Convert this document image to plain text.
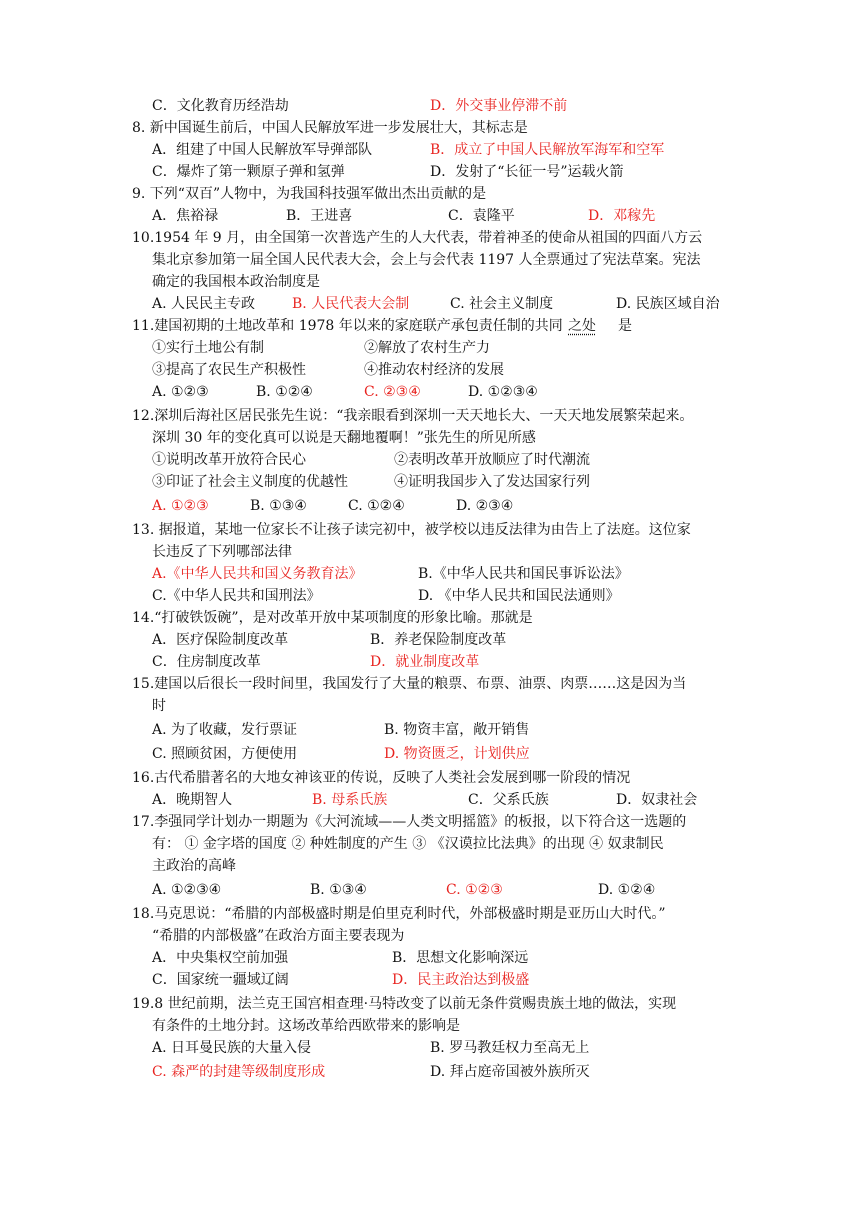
C．文化教育历经浩劫	D．外交事业停滞不前
8. 新中国诞生前后，中国人民解放军进一步发展壮大，其标志是
A．组建了中国人民解放军导弹部队	B．成立了中国人民解放军海军和空军
C．爆炸了第一颗原子弹和氢弹	D．发射了“长征一号”运载火箭
9. 下列“双百”人物中，为我国科技强军做出杰出贡献的是
A．焦裕禄	B．王进喜	C．袁隆平	D．邓稼先
10.1954 年 9 月，由全国第一次普选产生的人大代表，带着神圣的使命从祖国的四面八方云
集北京参加第一届全国人民代表大会，会上与会代表 1197 人全票通过了宪法草案。宪法
确定的我国根本政治制度是
A. 人民民主专政	B. 人民代表大会制	C. 社会主义制度	D. 民族区域自治
11.建国初期的土地改革和 1978 年以来的家庭联产承包责任制的共同 之处 是
①实行土地公有制	②解放了农村生产力
③提高了农民生产积极性	④推动农村经济的发展
A. ①②③	B. ①②④	C. ②③④	D. ①②③④
12.深圳后海社区居民张先生说：“我亲眼看到深圳一天天地长大、一天天地发展繁荣起来。
深圳 30 年的变化真可以说是天翻地覆啊！”张先生的所见所感
①说明改革开放符合民心	②表明改革开放顺应了时代潮流
③印证了社会主义制度的优越性	④证明我国步入了发达国家行列
A. ①②③	B. ①③④	C. ①②④	D. ②③④
13. 据报道，某地一位家长不让孩子读完初中，被学校以违反法律为由告上了法庭。这位家
长违反了下列哪部法律
A.《中华人民共和国义务教育法》	B.《中华人民共和国民事诉讼法》
C.《中华人民共和国刑法》	D. 《中华人民共和国民法通则》
14.“打破铁饭碗”，是对改革开放中某项制度的形象比喻。那就是
A．医疗保险制度改革	B．养老保险制度改革
C．住房制度改革	D．就业制度改革
15.建国以后很长一段时间里，我国发行了大量的粮票、布票、油票、肉票……这是因为当
时
A. 为了收藏，发行票证	B. 物资丰富，敞开销售
C. 照顾贫困，方便使用	D. 物资匮乏，计划供应
16.古代希腊著名的大地女神该亚的传说，反映了人类社会发展到哪一阶段的情况
A．晚期智人	B. 母系氏族	C．父系氏族	D．奴隶社会
17.李强同学计划办一期题为《大河流域——人类文明摇篮》的板报，以下符合这一选题的
有： ① 金字塔的国度 ② 种姓制度的产生 ③ 《汉谟拉比法典》的出现 ④ 奴隶制民
主政治的高峰
A. ①②③④	B. ①③④	C. ①②③	D. ①②④
18.马克思说：“希腊的内部极盛时期是伯里克利时代，外部极盛时期是亚历山大时代。”
“希腊的内部极盛”在政治方面主要表现为
A．中央集权空前加强	B．思想文化影响深远
C．国家统一疆域辽阔	D．民主政治达到极盛
19.8 世纪前期，法兰克王国宫相查理·马特改变了以前无条件赏赐贵族土地的做法，实现
有条件的土地分封。这场改革给西欧带来的影响是
A. 日耳曼民族的大量入侵	B. 罗马教廷权力至高无上
C. 森严的封建等级制度形成	D. 拜占庭帝国被外族所灭
